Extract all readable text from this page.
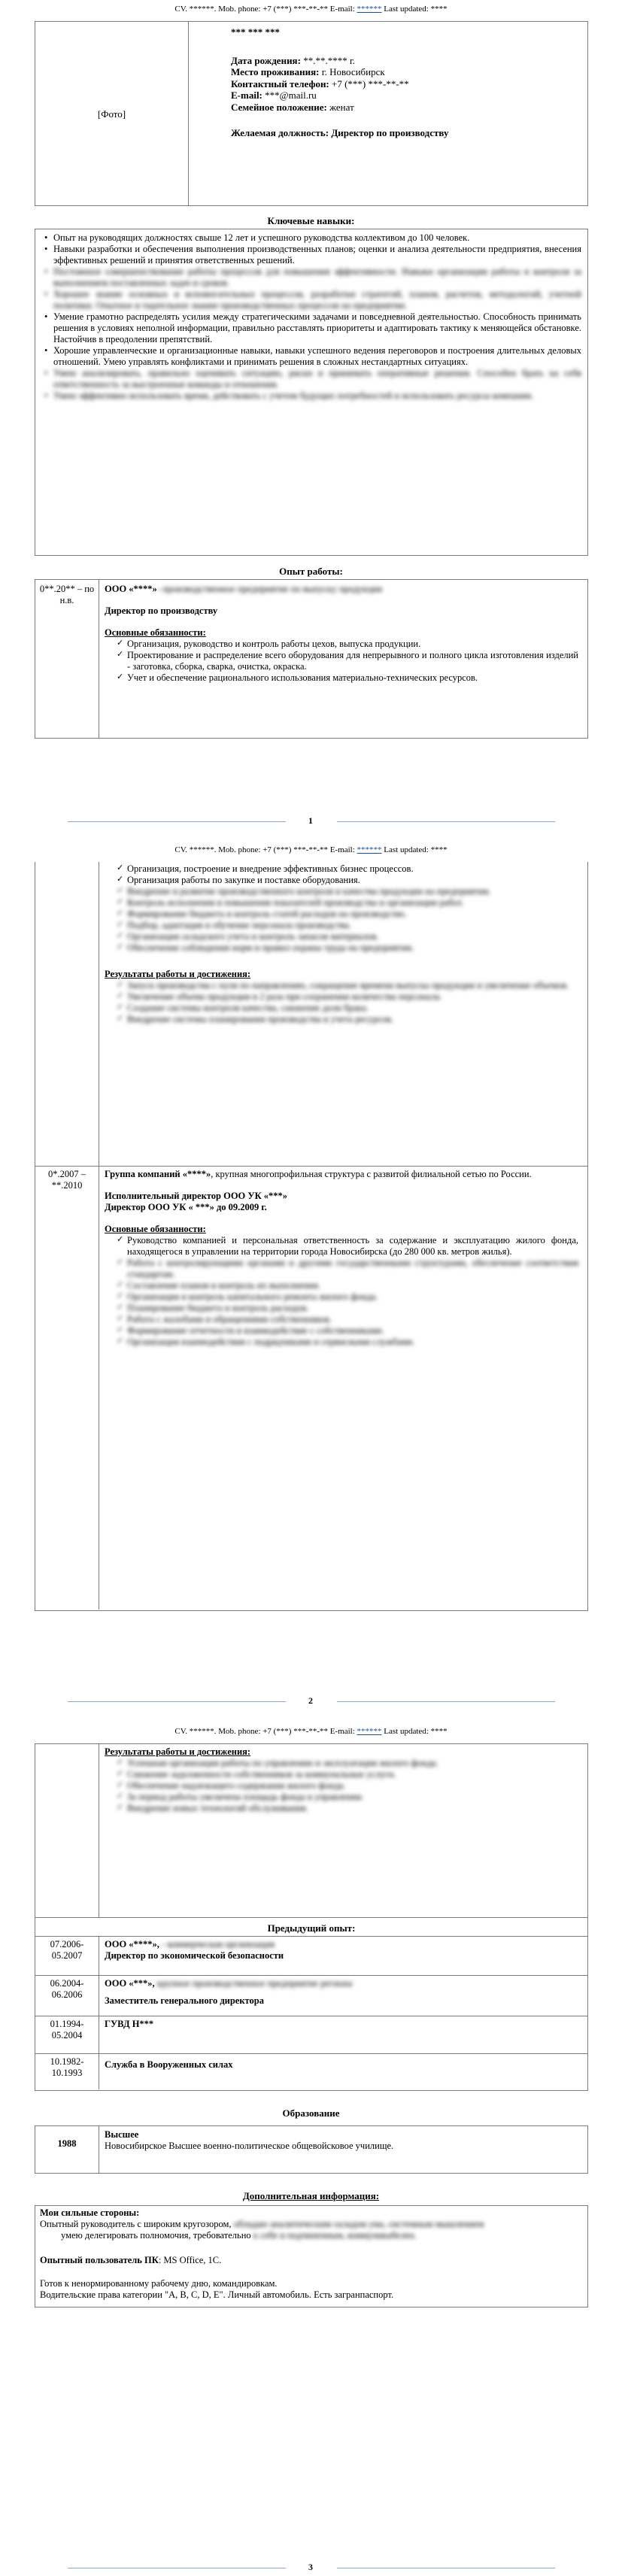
CV. ******. Mob. phone: +7 (***) ***-**-** E-mail: ****** Last updated: ****
[Фото]
*** *** ***
Дата рождения: **.**.**** г.
Место проживания: г. Новосибирск
Контактный телефон: +7 (***) ***-**-**
E-mail: ***@mail.ru
Семейное положение: женат
Желаемая должность: Директор по производству
Ключевые навыки:
• Опыт на руководящих должностях свыше 12 лет и успешного руководства коллективом до 100 человек.
• Навыки разработки и обеспечения выполнения производственных планов; оценки и анализа деятельности предприятия, внесения эффективных решений и принятия ответственных решений.
• Постоянное совершенствование работы процессов для повышения эффективности. Навыки организации работы и контроля за выполнением поставленных задач и сроков.
• Хорошее знание основных и вспомогательных процессов, разработки стратегий, планов, расчетов, методологий, учетной политики. Опытное и тщательное знание производственных процессов на предприятии.
• Умение грамотно распределять усилия между стратегическими задачами и повседневной деятельностью. Способность принимать решения в условиях неполной информации, правильно расставлять приоритеты и адаптировать тактику к меняющейся обстановке. Настойчив в преодолении препятствий.
• Хорошие управленческие и организационные навыки, навыки успешного ведения переговоров и построения длительных деловых отношений. Умею управлять конфликтами и принимать решения в сложных нестандартных ситуациях.
• Умею анализировать, правильно оценивать ситуацию, риски и принимать оперативные решения. Способен брать на себя ответственность за выстроенные команды и отношения.
• Умею эффективно использовать время, действовать с учетом будущих потребностей и использовать ресурсы компании.
Опыт работы:
0**.20** – по н.в.
ООО «****»- производственное предприятие по выпуску продукции
Директор по производству
Основные обязанности:
✓ Организация, руководство и контроль работы цехов, выпуска продукции.
✓ Проектирование и распределение всего оборудования для непрерывного и полного цикла изготовления изделий - заготовка, сборка, сварка, очистка, окраска.
✓ Учет и обеспечение рационального использования материально-технических ресурсов.
1
CV. ******. Mob. phone: +7 (***) ***-**-** E-mail: ****** Last updated: ****
✓ Организация, построение и внедрение эффективных бизнес процессов.
✓ Организация работы по закупке и поставке оборудования.
✓ Внедрение и развитие производственного контроля и качества продукции на предприятии.
✓ Контроль исполнения и повышения показателей производства и организации работ.
✓ Формирование бюджета и контроль статей расходов на производство.
✓ Подбор, адаптация и обучение персонала производства.
✓ Организация складского учета и контроль запасов материалов.
✓ Обеспечение соблюдения норм и правил охраны труда на предприятии.
Результаты работы и достижения:
✓ Запуск производства с нуля по направлению, сокращение времени выпуска продукции и увеличение объемов.
✓ Увеличение объема продукции в 2 раза при сохранении количества персонала.
✓ Создание системы контроля качества, снижение доли брака.
✓ Внедрение системы планирования производства и учета ресурсов.
0*.2007 – **.2010
Группа компаний «****», крупная многопрофильная структура с развитой филиальной сетью по России.
Исполнительный директор ООО УК «***»
Директор ООО УК « ***» до 09.2009 г.
Основные обязанности:
✓ Руководство компанией и персональная ответственность за содержание и эксплуатацию жилого фонда, находящегося в управлении на территории города Новосибирска (до 280 000 кв. метров жилья).
✓ Работа с контролирующими органами и другими государственными структурами, обеспечение соответствия стандартам.
✓ Составление планов и контроль их выполнения.
✓ Организация и контроль капитального ремонта жилого фонда.
✓ Планирование бюджета и контроль расходов.
✓ Работа с жалобами и обращениями собственников.
✓ Формирование отчетности и взаимодействие с собственниками.
✓ Организация взаимодействия с подрядчиками и сервисными службами.
2
CV. ******. Mob. phone: +7 (***) ***-**-** E-mail: ****** Last updated: ****
Результаты работы и достижения:
✓ Успешная организация работы по управлению и эксплуатации жилого фонда.
✓ Снижение задолженности собственников за коммунальные услуги.
✓ Обеспечение надлежащего содержания жилого фонда.
✓ За период работы увеличена площадь фонда в управлении.
✓ Внедрение новых технологий обслуживания.
Предыдущий опыт:
07.2006- 05.2007
ООО «****», - коммерческая организация
Директор по экономической безопасности
06.2004- 06.2006
ООО «***», крупное производственное предприятие региона
Заместитель генерального директора
01.1994- 05.2004
ГУВД Н***
10.1982- 10.1993
Служба в Вооруженных силах
Образование
1988
Высшее
Новосибирское Высшее военно-политическое общевойсковое училище.
Дополнительная информация:
Мои сильные стороны:
Опытный руководитель с широким кругозором, обладаю аналитическим складом ума, системным мышлением
умею делегировать полномочия, требовательно к себе и подчиненным, коммуникабелен.
Опытный пользователь ПК: MS Office, 1С.
Готов к ненормированному рабочему дню, командировкам.
Водительские права категории "A, B, C, D, E". Личный автомобиль. Есть загранпаспорт.
3
